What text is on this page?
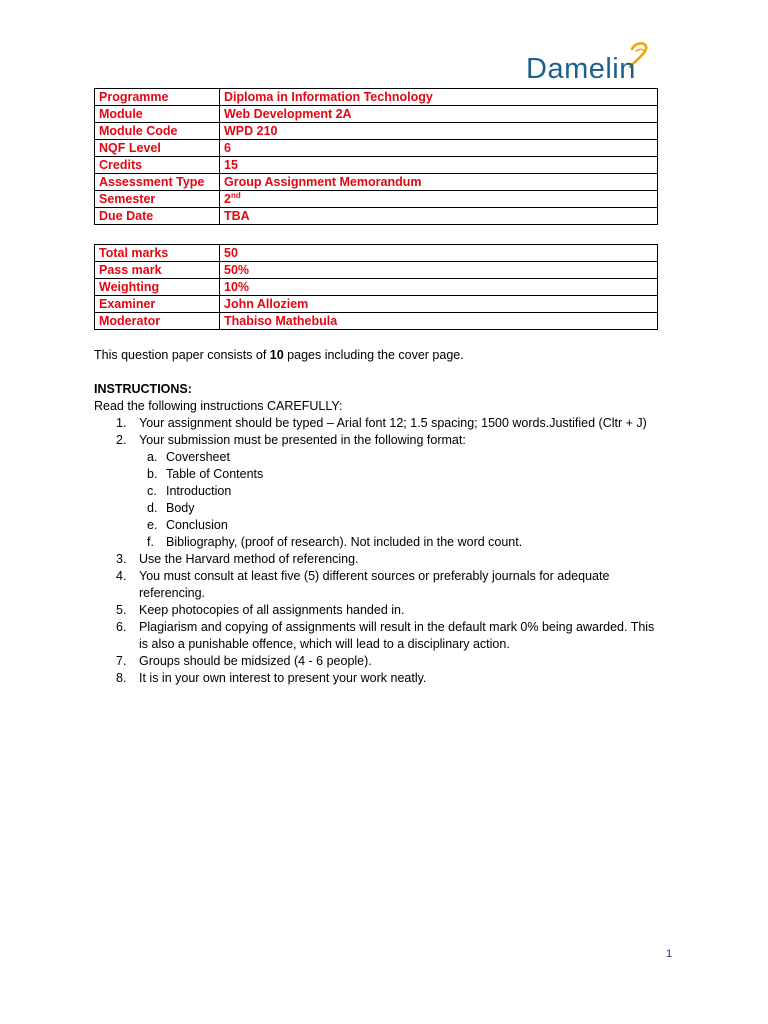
Damelin
Programme	Diploma in Information Technology
Module	Web Development 2A
Module Code	WPD 210
NQF Level	6
Credits	15
Assessment Type	Group Assignment Memorandum
Semester	2nd
Due Date	TBA
Total marks	50
Pass mark	50%
Weighting	10%
Examiner	John Alloziem
Moderator	Thabiso Mathebula
This question paper consists of 10 pages including the cover page.
INSTRUCTIONS:
Read the following instructions CAREFULLY:
1. Your assignment should be typed – Arial font 12; 1.5 spacing; 1500 words.Justified (Cltr + J)
2. Your submission must be presented in the following format:
a. Coversheet
b. Table of Contents
c. Introduction
d. Body
e. Conclusion
f. Bibliography, (proof of research). Not included in the word count.
3. Use the Harvard method of referencing.
4. You must consult at least five (5) different sources or preferably journals for adequate
referencing.
5. Keep photocopies of all assignments handed in.
6. Plagiarism and copying of assignments will result in the default mark 0% being awarded. This
is also a punishable offence, which will lead to a disciplinary action.
7. Groups should be midsized (4 - 6 people).
8. It is in your own interest to present your work neatly.
1
